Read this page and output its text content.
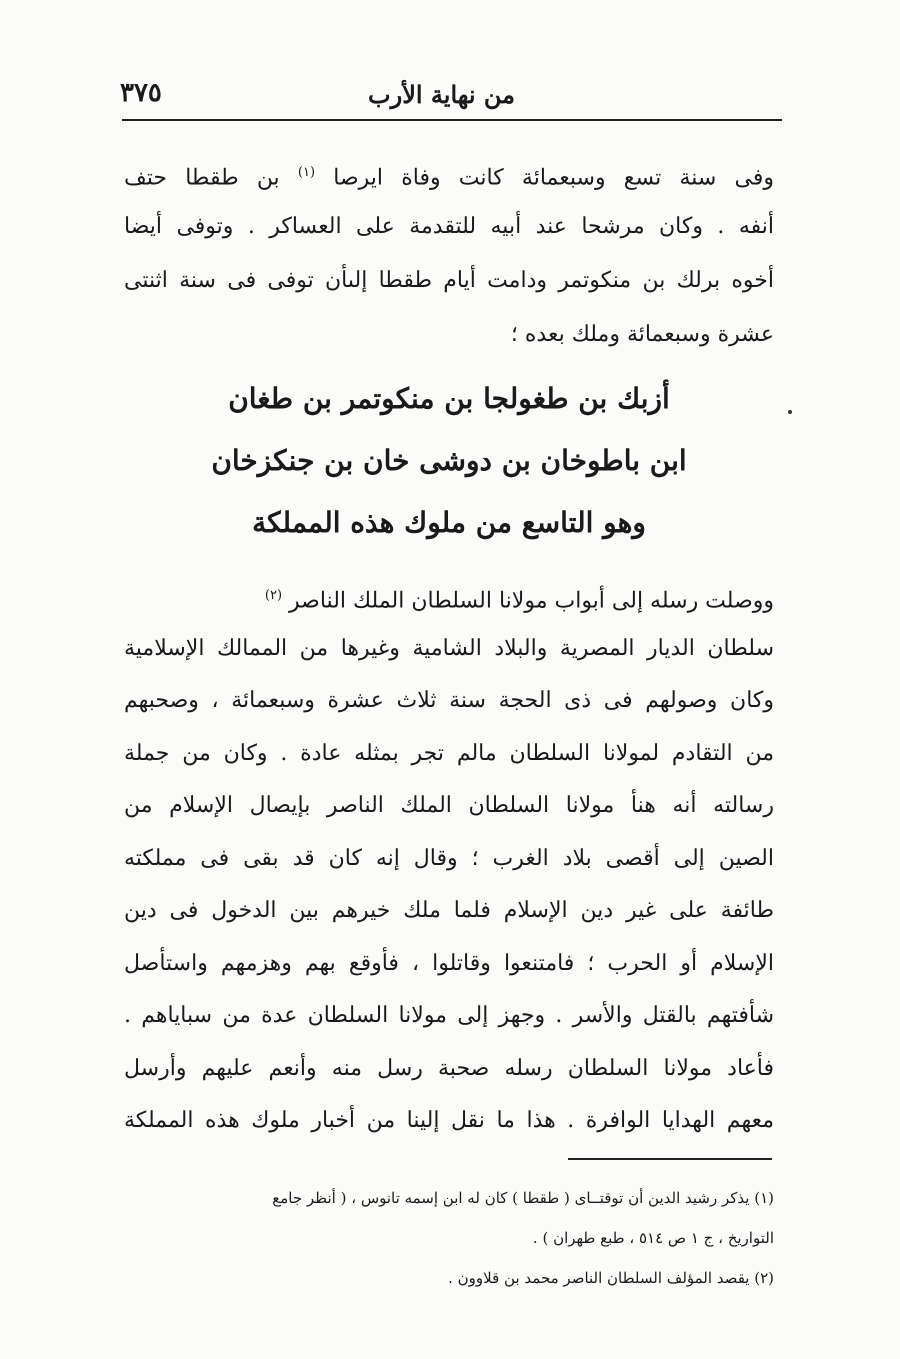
من نهاية الأرب
٣٧٥
وفى سنة تسع وسبعمائة كانت وفاة ايرصا $^{(١)}$ بن طقطا حتف
أنفه . وكان مرشحا عند أبيه للتقدمة على العساكر . وتوفى أيضا
أخوه برلك بن منكوتمر ودامت أيام طقطا إلىأن توفى فى سنة اثنتى
عشرة وسبعمائة وملك بعده ؛
أزبك بن طغولجا بن منكوتمر بن طغان
ابن باطوخان بن دوشى خان بن جنكزخان
وهو التاسع من ملوك هذه المملكة
ووصلت رسله إلى أبواب مولانا السلطان الملك الناصر $^{(٢)}$
سلطان الديار المصرية والبلاد الشامية وغيرها من الممالك الإسلامية
وكان وصولهم فى ذى الحجة سنة ثلاث عشرة وسبعمائة ، وصحبهم
من التقادم لمولانا السلطان مالم تجر بمثله عادة . وكان من جملة
رسالته أنه هنأ مولانا السلطان الملك الناصر بإيصال الإسلام من
الصين إلى أقصى بلاد الغرب ؛ وقال إنه كان قد بقى فى مملكته
طائفة على غير دين الإسلام فلما ملك خيرهم بين الدخول فى دين
الإسلام أو الحرب ؛ فامتنعوا وقاتلوا ، فأوقع بهم وهزمهم واستأصل
شأفتهم بالقتل والأسر . وجهز إلى مولانا السلطان عدة من سباياهم .
فأعاد مولانا السلطان رسله صحبة رسل منه وأنعم عليهم وأرسل
معهم الهدايا الوافرة . هذا ما نقل إلينا من أخبار ملوك هذه المملكة
(١) يذكر رشيد الدين أن توقتــاى ( طقطا ) كان له ابن إسمه تانوس ، ( أنظر جامع
التواريخ ، ج ١ ص ٥١٤ ، طبع طهران ) .
(٢) يقصد المؤلف السلطان الناصر محمد بن قلاوون .
